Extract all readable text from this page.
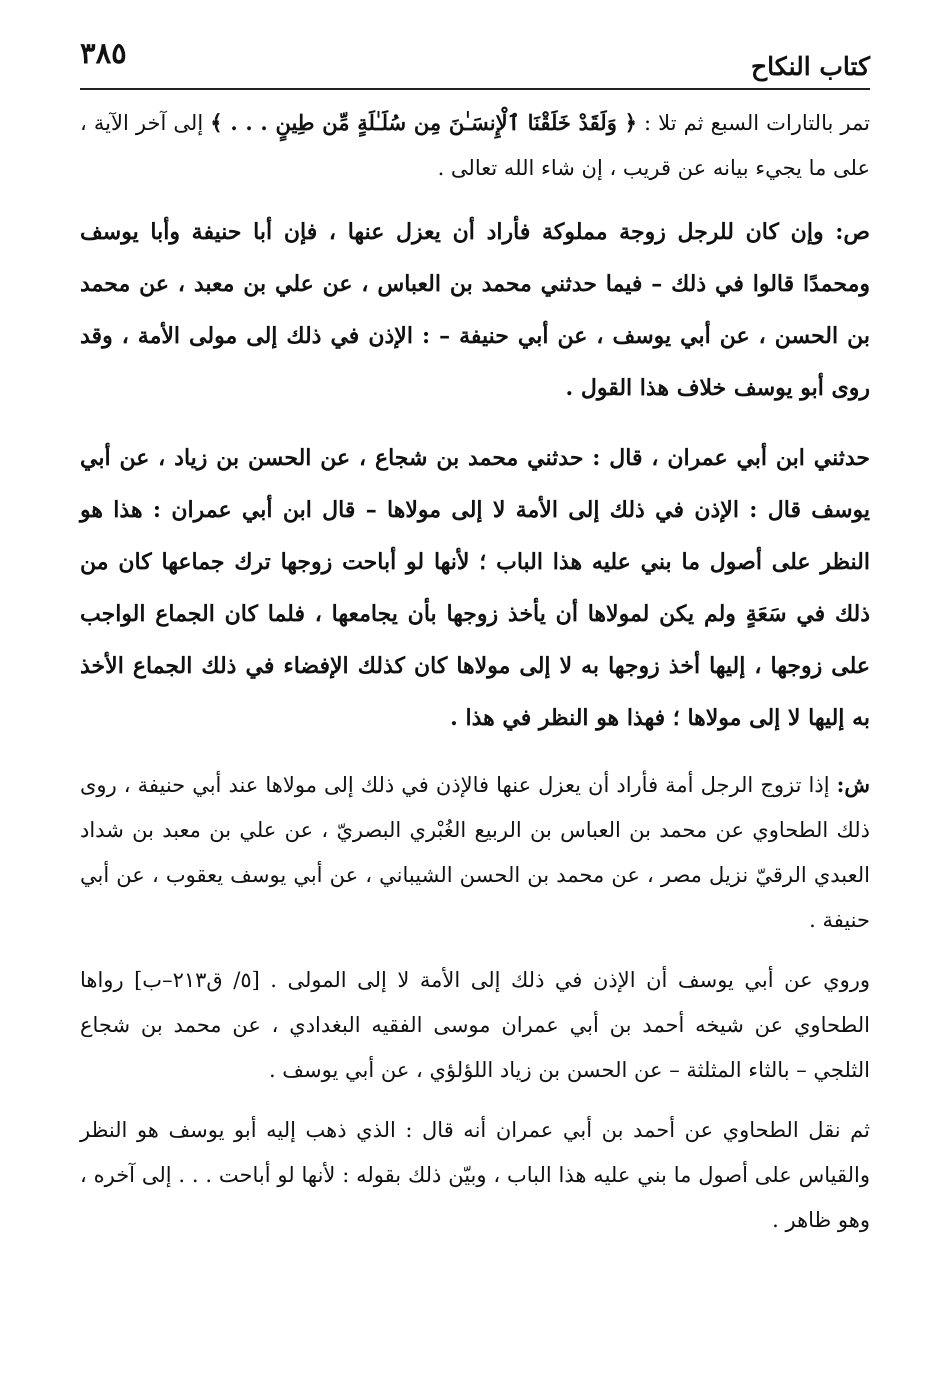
كتاب النكاح
٣٨٥

تمر بالتارات السبع ثم تلا : ﴿ وَلَقَدْ خَلَقْنَا ٱلْإِنسَـٰنَ مِن سُلَـٰلَةٍ مِّن طِينٍ . . . ﴾ إلى آخر الآية ، على ما يجيء بيانه عن قريب ، إن شاء الله تعالى .

ص: وإن كان للرجل زوجة مملوكة فأراد أن يعزل عنها ، فإن أبا حنيفة وأبا يوسف ومحمدًا قالوا في ذلك – فيما حدثني محمد بن العباس ، عن علي بن معبد ، عن محمد بن الحسن ، عن أبي يوسف ، عن أبي حنيفة – : الإذن في ذلك إلى مولى الأمة ، وقد روى أبو يوسف خلاف هذا القول .

حدثني ابن أبي عمران ، قال : حدثني محمد بن شجاع ، عن الحسن بن زياد ، عن أبي يوسف قال : الإذن في ذلك إلى الأمة لا إلى مولاها – قال ابن أبي عمران : هذا هو النظر على أصول ما بني عليه هذا الباب ؛ لأنها لو أباحت زوجها ترك جماعها كان من ذلك في سَعَةٍ ولم يكن لمولاها أن يأخذ زوجها بأن يجامعها ، فلما كان الجماع الواجب على زوجها ، إليها أخذ زوجها به لا إلى مولاها كان كذلك الإفضاء في ذلك الجماع الأخذ به إليها لا إلى مولاها ؛ فهذا هو النظر في هذا .

ش: إذا تزوج الرجل أمة فأراد أن يعزل عنها فالإذن في ذلك إلى مولاها عند أبي حنيفة ، روى ذلك الطحاوي عن محمد بن العباس بن الربيع الغُبْري البصريّ ، عن علي بن معبد بن شداد العبدي الرقيّ نزيل مصر ، عن محمد بن الحسن الشيباني ، عن أبي يوسف يعقوب ، عن أبي حنيفة .

وروي عن أبي يوسف أن الإذن في ذلك إلى الأمة لا إلى المولى . [٥/ ق٢١٣–ب] رواها الطحاوي عن شيخه أحمد بن أبي عمران موسى الفقيه البغدادي ، عن محمد بن شجاع الثلجي – بالثاء المثلثة – عن الحسن بن زياد اللؤلؤي ، عن أبي يوسف .

ثم نقل الطحاوي عن أحمد بن أبي عمران أنه قال : الذي ذهب إليه أبو يوسف هو النظر والقياس على أصول ما بني عليه هذا الباب ، وبيّن ذلك بقوله : لأنها لو أباحت . . . إلى آخره ، وهو ظاهر .
